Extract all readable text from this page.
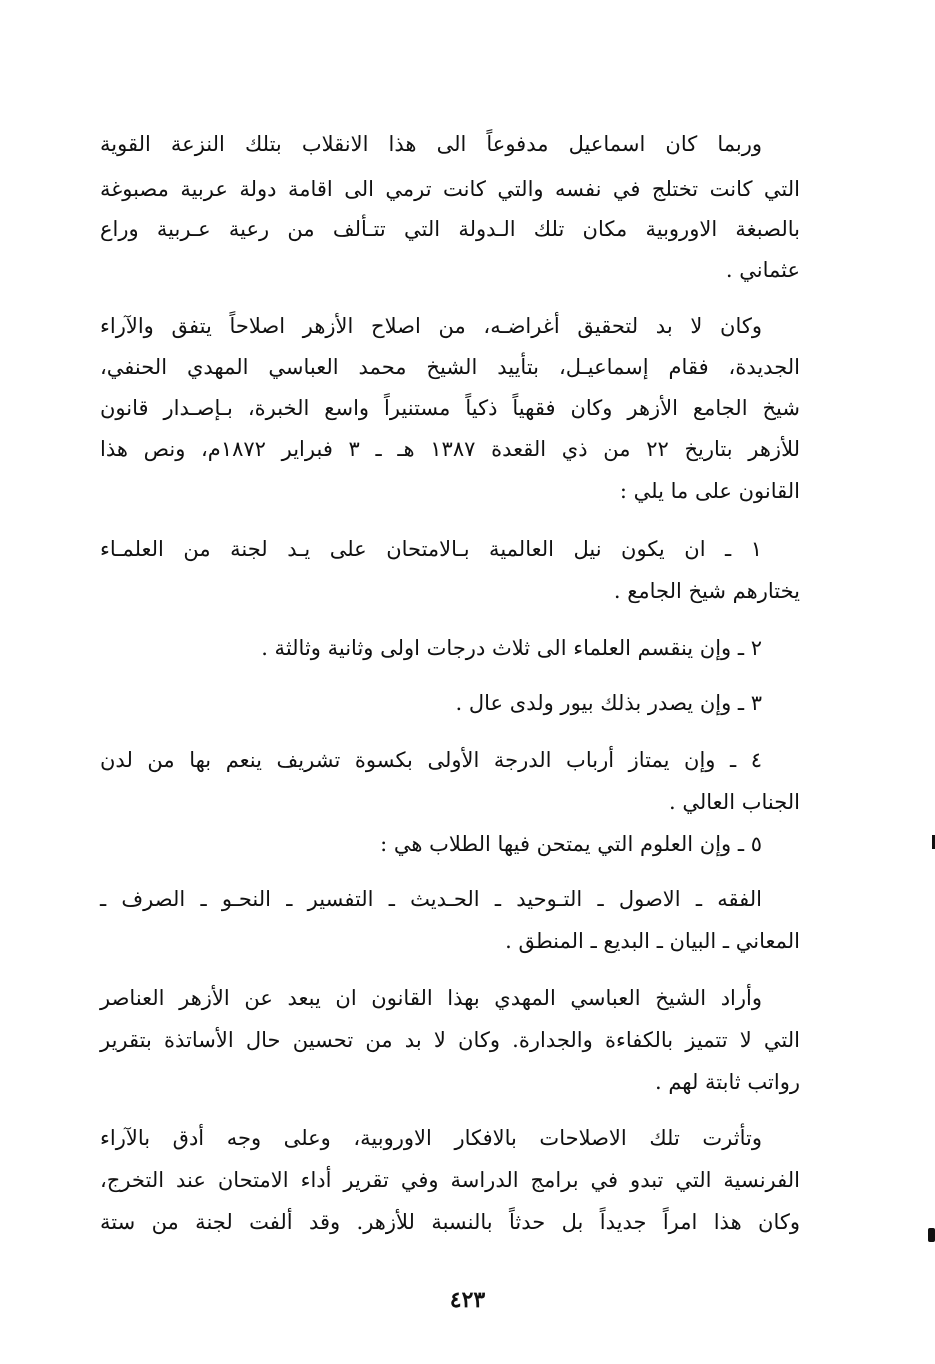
وربما كان اسماعيل مدفوعاً الى هذا الانقلاب بتلك النزعة القوية
التي كانت تختلج في نفسه والتي كانت ترمي الى اقامة دولة عربية مصبوغة
بالصبغة الاوروبية مكان تلك الـدولة التي تتـألف من رعية عـربية وراع
عثماني .
وكان لا بد لتحقيق أغراضـه، من اصلاح الأزهر اصلاحاً يتفق والآراء
الجديدة، فقام إسماعيـل، بتأييد الشيخ محمد العباسي المهدي الحنفي،
شيخ الجامع الأزهر وكان فقهياً ذكياً مستنيراً واسع الخبرة، بـإصـدار قانون
للأزهر بتاريخ ٢٢ من ذي القعدة ١٣٨٧ هـ ـ ٣ فبراير ١٨٧٢م، ونص هذا
القانون على ما يلي :
١ ـ ان يكون نيل العالمية بـالامتحان على يـد لجنة من العلمـاء
يختارهم شيخ الجامع .
٢ ـ وإن ينقسم العلماء الى ثلاث درجات اولى وثانية وثالثة .
٣ ـ وإن يصدر بذلك بيور ولدى عال .
٤ ـ وإن يمتاز أرباب الدرجة الأولى بكسوة تشريف ينعم بها من لدن
الجناب العالي .
٥ ـ وإن العلوم التي يمتحن فيها الطلاب هي :
الفقه ـ الاصول ـ التـوحيد ـ الحـديث ـ التفسير ـ النحـو ـ الصرف ـ
المعاني ـ البيان ـ البديع ـ المنطق .
وأراد الشيخ العباسي المهدي بهذا القانون ان يبعد عن الأزهر العناصر
التي لا تتميز بالكفاءة والجدارة. وكان لا بد من تحسين حال الأساتذة بتقرير
رواتب ثابتة لهم .
وتأثرت تلك الاصلاحات بالافكار الاوروبية، وعلى وجه أدق بالآراء
الفرنسية التي تبدو في برامج الدراسة وفي تقرير أداء الامتحان عند التخرج،
وكان هذا امراً جديداً بل حدثاً بالنسبة للأزهر. وقد ألفت لجنة من ستة
٤٢٣
